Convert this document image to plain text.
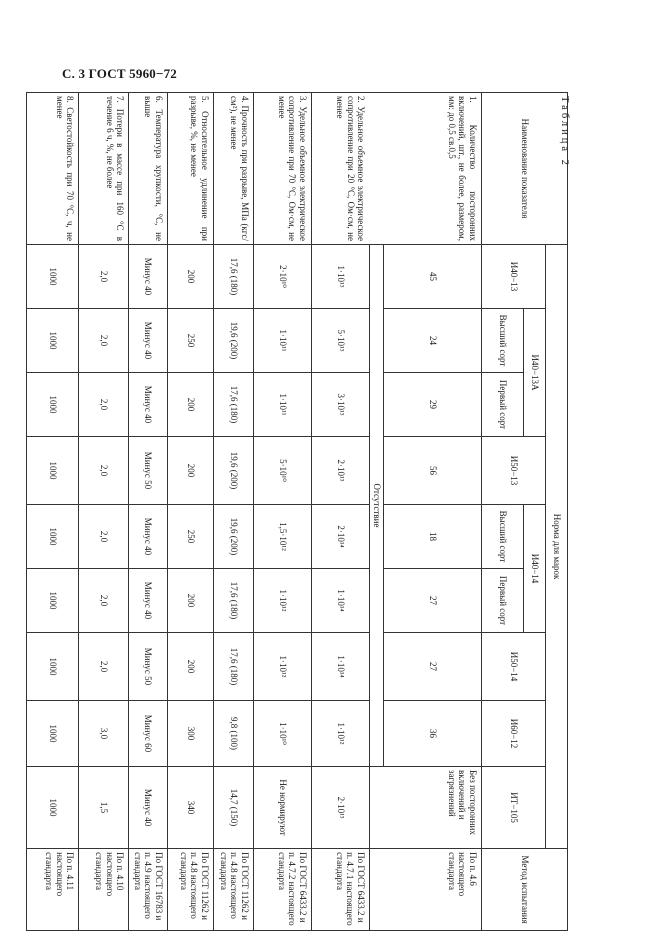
С. 3 ГОСТ 5960−72
Таблица 2
Наименование показателя	Норма для марок									Метод испытания
	И40−13	И40−13А		И50−13	И40−14		И50−14	И60−12	ИТ−105	
		Высший сорт	Первый сорт		Высший сорт	Первый сорт				
1. Количество посторонних включений, шт., не более, размером, мм: до 0,5 св.0,5	45	24	29	56	18	27	27	36	Без посторонних включений и загрязнений	По п. 4.6 настоящего стандарта
	Отсутствие									
2. Удельное объемное электрическое сопротивление при 20 °С, Ом·см, не менее	1·10¹³	5·10¹³	3·10¹³	2·10¹³	2·10¹⁴	1·10¹⁴	1·10¹⁴	1·10¹²	2·10¹³	По ГОСТ 6433.2 и п. 4.7.1 настоящего стандарта
3. Удельное объемное электрическое сопротивление при 70 °С, Ом·см, не менее	2·10¹⁰	1·10¹¹	1·10¹¹	5·10¹⁰	1,5·10¹²	1·10¹²	1·10¹²	1·10¹⁰	Не нормируют	По ГОСТ 6433.2 и п. 4.7.2 настоящего стандарта
4. Прочность при разрыве, МПа (кгс/см²), не менее	17,6 (180)	19,6 (200)	17,6 (180)	19,6 (200)	19,6 (200)	17,6 (180)	17,6 (180)	9,8 (100)	14,7 (150)	По ГОСТ 11262 и п. 4.8 настоящего стандарта
5. Относительное удлинение при разрыве, %, не менее	200	250	200	200	250	200	200	300	340	По ГОСТ 11262 и п. 4.8 настоящего стандарта
6. Температура хрупкости, °С, не выше	Минус 40	Минус 40	Минус 40	Минус 50	Минус 40	Минус 40	Минус 50	Минус 60	Минус 40	По ГОСТ 16783 и п. 4.9 настоящего стандарта
7. Потери в массе при 160 °С в течение 6 ч, %, не более	2,0	2,0	2,0	2,0	2,0	2,0	2,0	3,0	1,5	По п. 4.10 настоящего стандарта
8. Светостойкость при 70 °С, ч, не менее	1000	1000	1000	1000	1000	1000	1000	1000	1000	По п. 4.11 настоящего стандарта
